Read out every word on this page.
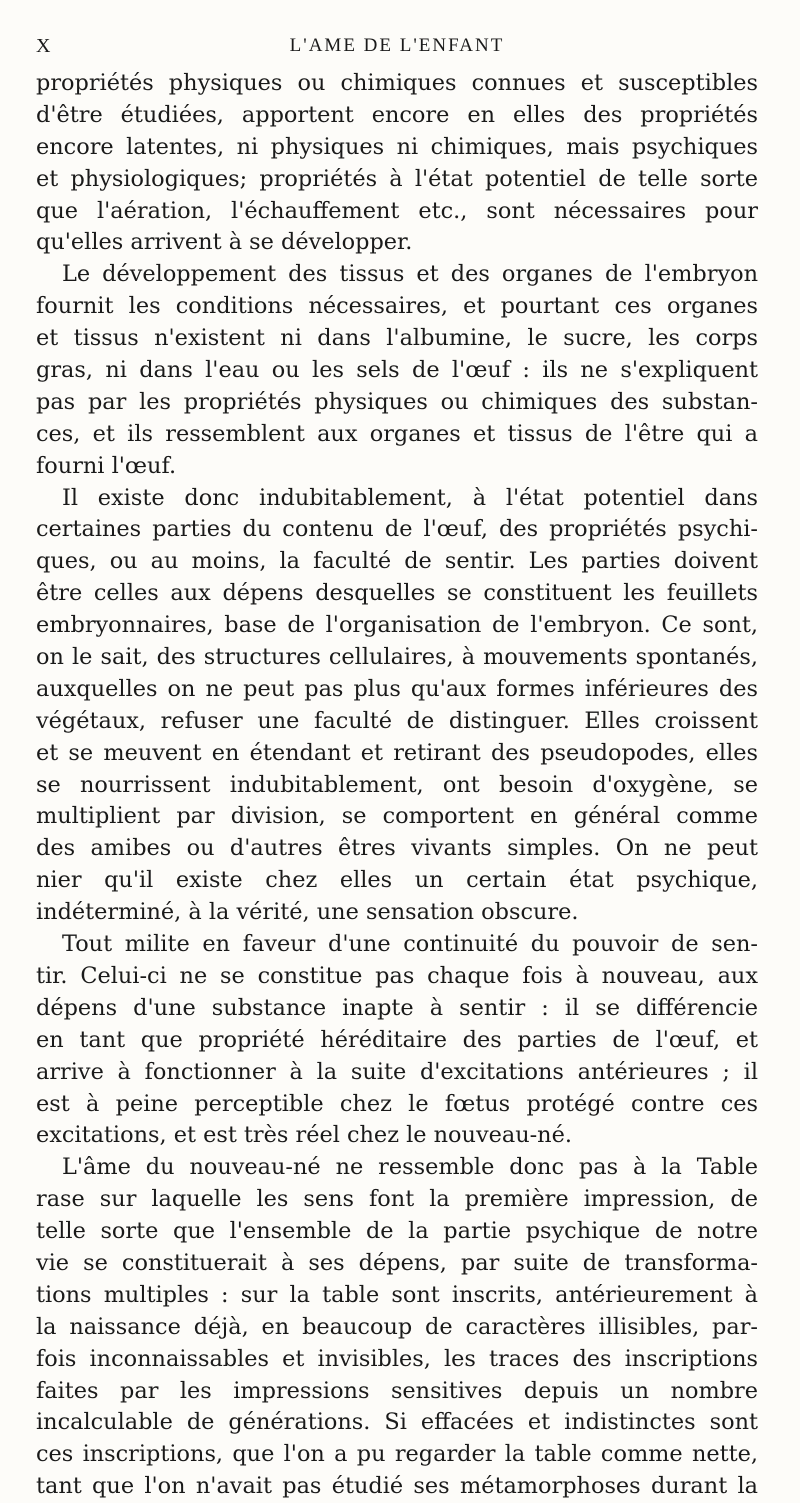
X	L'AME DE L'ENFANT
propriétés physiques ou chimiques connues et susceptibles
d'être étudiées, apportent encore en elles des propriétés
encore latentes, ni physiques ni chimiques, mais psychiques
et physiologiques; propriétés à l'état potentiel de telle sorte
que l'aération, l'échauffement etc., sont nécessaires pour
qu'elles arrivent à se développer.
Le développement des tissus et des organes de l'embryon
fournit les conditions nécessaires, et pourtant ces organes
et tissus n'existent ni dans l'albumine, le sucre, les corps
gras, ni dans l'eau ou les sels de l'œuf : ils ne s'expliquent
pas par les propriétés physiques ou chimiques des substan-
ces, et ils ressemblent aux organes et tissus de l'être qui a
fourni l'œuf.
Il existe donc indubitablement, à l'état potentiel dans
certaines parties du contenu de l'œuf, des propriétés psychi-
ques, ou au moins, la faculté de sentir. Les parties doivent
être celles aux dépens desquelles se constituent les feuillets
embryonnaires, base de l'organisation de l'embryon. Ce sont,
on le sait, des structures cellulaires, à mouvements spontanés,
auxquelles on ne peut pas plus qu'aux formes inférieures des
végétaux, refuser une faculté de distinguer. Elles croissent
et se meuvent en étendant et retirant des pseudopodes, elles
se nourrissent indubitablement, ont besoin d'oxygène, se
multiplient par division, se comportent en général comme
des amibes ou d'autres êtres vivants simples. On ne peut
nier qu'il existe chez elles un certain état psychique,
indéterminé, à la vérité, une sensation obscure.
Tout milite en faveur d'une continuité du pouvoir de sen-
tir. Celui-ci ne se constitue pas chaque fois à nouveau, aux
dépens d'une substance inapte à sentir : il se différencie
en tant que propriété héréditaire des parties de l'œuf, et
arrive à fonctionner à la suite d'excitations antérieures ; il
est à peine perceptible chez le fœtus protégé contre ces
excitations, et est très réel chez le nouveau-né.
L'âme du nouveau-né ne ressemble donc pas à la Table
rase sur laquelle les sens font la première impression, de
telle sorte que l'ensemble de la partie psychique de notre
vie se constituerait à ses dépens, par suite de transforma-
tions multiples : sur la table sont inscrits, antérieurement à
la naissance déjà, en beaucoup de caractères illisibles, par-
fois inconnaissables et invisibles, les traces des inscriptions
faites par les impressions sensitives depuis un nombre
incalculable de générations. Si effacées et indistinctes sont
ces inscriptions, que l'on a pu regarder la table comme nette,
tant que l'on n'avait pas étudié ses métamorphoses durant la
